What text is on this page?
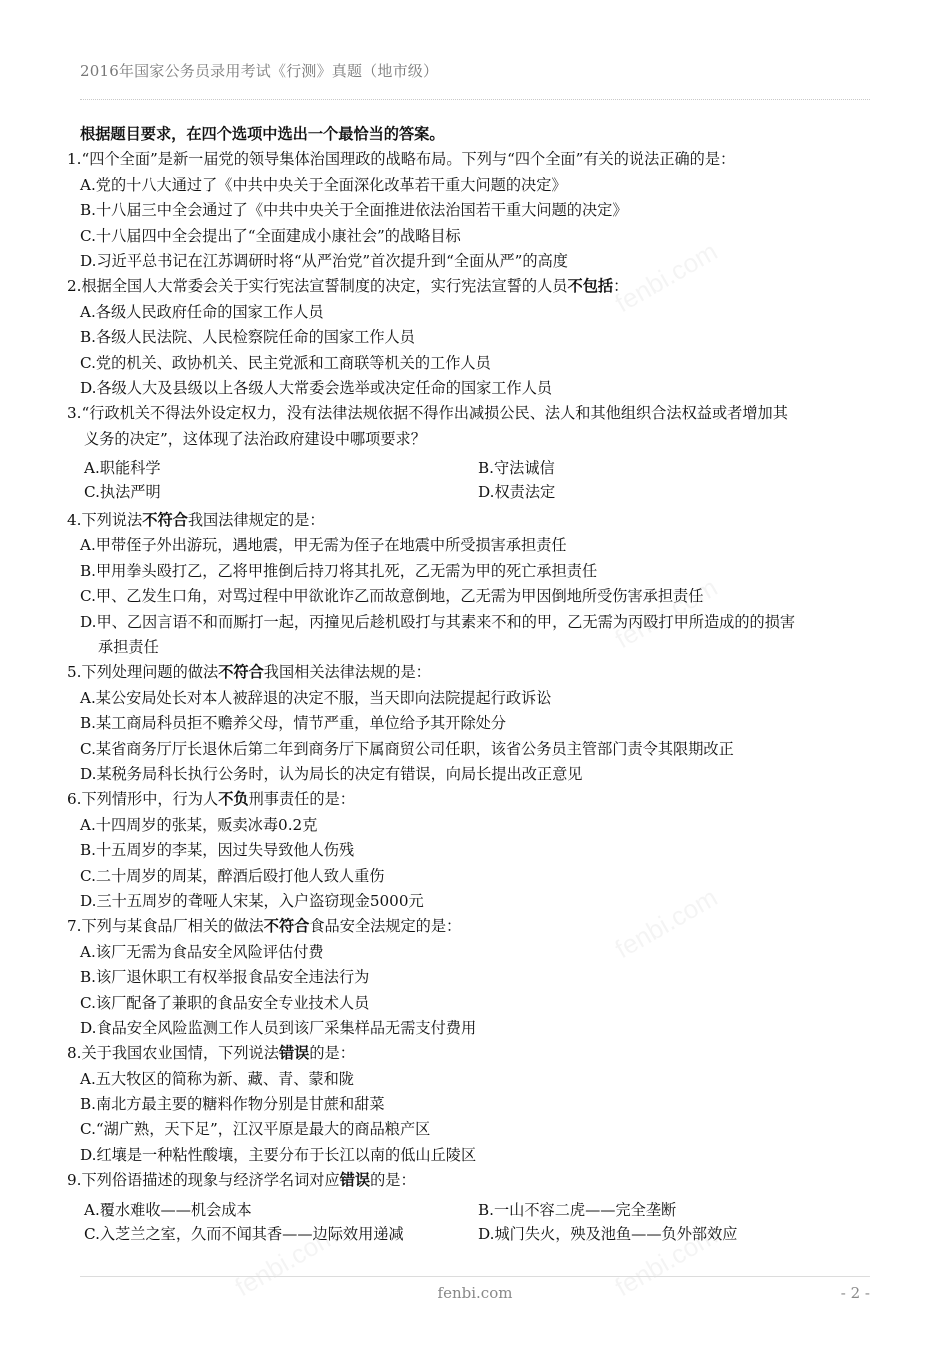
2016年国家公务员录用考试《行测》真题（地市级）
根据题目要求，在四个选项中选出一个最恰当的答案。
1.“四个全面”是新一届党的领导集体治国理政的战略布局。下列与“四个全面”有关的说法正确的是：
A.党的十八大通过了《中共中央关于全面深化改革若干重大问题的决定》
B.十八届三中全会通过了《中共中央关于全面推进依法治国若干重大问题的决定》
C.十八届四中全会提出了“全面建成小康社会”的战略目标
D.习近平总书记在江苏调研时将“从严治党”首次提升到“全面从严”的高度
2.根据全国人大常委会关于实行宪法宣誓制度的决定，实行宪法宣誓的人员不包括：
A.各级人民政府任命的国家工作人员
B.各级人民法院、人民检察院任命的国家工作人员
C.党的机关、政协机关、民主党派和工商联等机关的工作人员
D.各级人大及县级以上各级人大常委会选举或决定任命的国家工作人员
3.“行政机关不得法外设定权力，没有法律法规依据不得作出减损公民、法人和其他组织合法权益或者增加其
义务的决定”，这体现了法治政府建设中哪项要求？
A.职能科学	B.守法诚信
C.执法严明	D.权责法定
4.下列说法不符合我国法律规定的是：
A.甲带侄子外出游玩，遇地震，甲无需为侄子在地震中所受损害承担责任
B.甲用拳头殴打乙，乙将甲推倒后持刀将其扎死，乙无需为甲的死亡承担责任
C.甲、乙发生口角，对骂过程中甲欲讹诈乙而故意倒地，乙无需为甲因倒地所受伤害承担责任
D.甲、乙因言语不和而厮打一起，丙撞见后趁机殴打与其素来不和的甲，乙无需为丙殴打甲所造成的的损害
承担责任
5.下列处理问题的做法不符合我国相关法律法规的是：
A.某公安局处长对本人被辞退的决定不服，当天即向法院提起行政诉讼
B.某工商局科员拒不赡养父母，情节严重，单位给予其开除处分
C.某省商务厅厅长退休后第二年到商务厅下属商贸公司任职，该省公务员主管部门责令其限期改正
D.某税务局科长执行公务时，认为局长的决定有错误，向局长提出改正意见
6.下列情形中，行为人不负刑事责任的是：
A.十四周岁的张某，贩卖冰毒0.2克
B.十五周岁的李某，因过失导致他人伤残
C.二十周岁的周某，醉酒后殴打他人致人重伤
D.三十五周岁的聋哑人宋某，入户盗窃现金5000元
7.下列与某食品厂相关的做法不符合食品安全法规定的是：
A.该厂无需为食品安全风险评估付费
B.该厂退休职工有权举报食品安全违法行为
C.该厂配备了兼职的食品安全专业技术人员
D.食品安全风险监测工作人员到该厂采集样品无需支付费用
8.关于我国农业国情，下列说法错误的是：
A.五大牧区的简称为新、藏、青、蒙和陇
B.南北方最主要的糖料作物分别是甘蔗和甜菜
C.“湖广熟，天下足”，江汉平原是最大的商品粮产区
D.红壤是一种粘性酸壤，主要分布于长江以南的低山丘陵区
9.下列俗语描述的现象与经济学名词对应错误的是：
A.覆水难收——机会成本	B.一山不容二虎——完全垄断
C.入芝兰之室，久而不闻其香——边际效用递减	D.城门失火，殃及池鱼——负外部效应
fenbi.com	- 2 -
